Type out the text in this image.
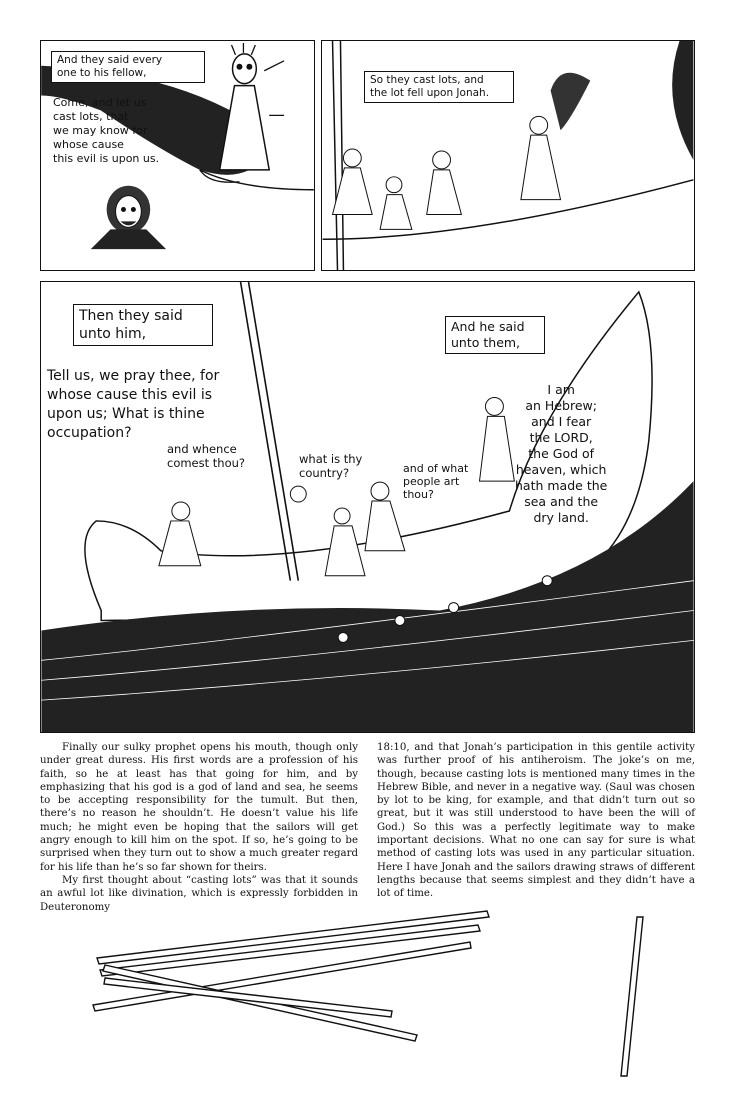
And they said every
one to his fellow,
Come, and let us
cast lots, that
we may know for
whose cause
this evil is upon us.
So they cast lots, and
the lot fell upon Jonah.
Then they said
unto him,	And he said
unto them,
Tell us, we pray thee, for
whose cause this evil is
upon us; What is thine
occupation?
and whence
comest thou?	what is thy
country?	and of what
people art
thou?
I am
an Hebrew;
and I fear
the LORD,
the God of
heaven, which
hath made the
sea and the
dry land.

Finally our sulky prophet opens his mouth, though only under great duress. His first words are a profession of his faith, so he at least has that going for him, and by emphasizing that his god is a god of land and sea, he seems to be accepting responsibility for the tumult. But then, there’s no reason he shouldn’t. He doesn’t value his life much; he might even be hoping that the sailors will get angry enough to kill him on the spot. If so, he’s going to be surprised when they turn out to show a much greater regard for his life than he’s so far shown for theirs.

My first thought about “casting lots” was that it sounds an awful lot like divination, which is expressly forbidden in Deuteronomy

18:10, and that Jonah’s participation in this gentile activity was further proof of his antiheroism. The joke’s on me, though, because casting lots is mentioned many times in the Hebrew Bible, and never in a negative way. (Saul was chosen by lot to be king, for example, and that didn’t turn out so great, but it was still understood to have been the will of God.) So this was a perfectly legitimate way to make important decisions. What no one can say for sure is what method of casting lots was used in any particular situation. Here I have Jonah and the sailors drawing straws of different lengths because that seems simplest and they didn’t have a lot of time.
